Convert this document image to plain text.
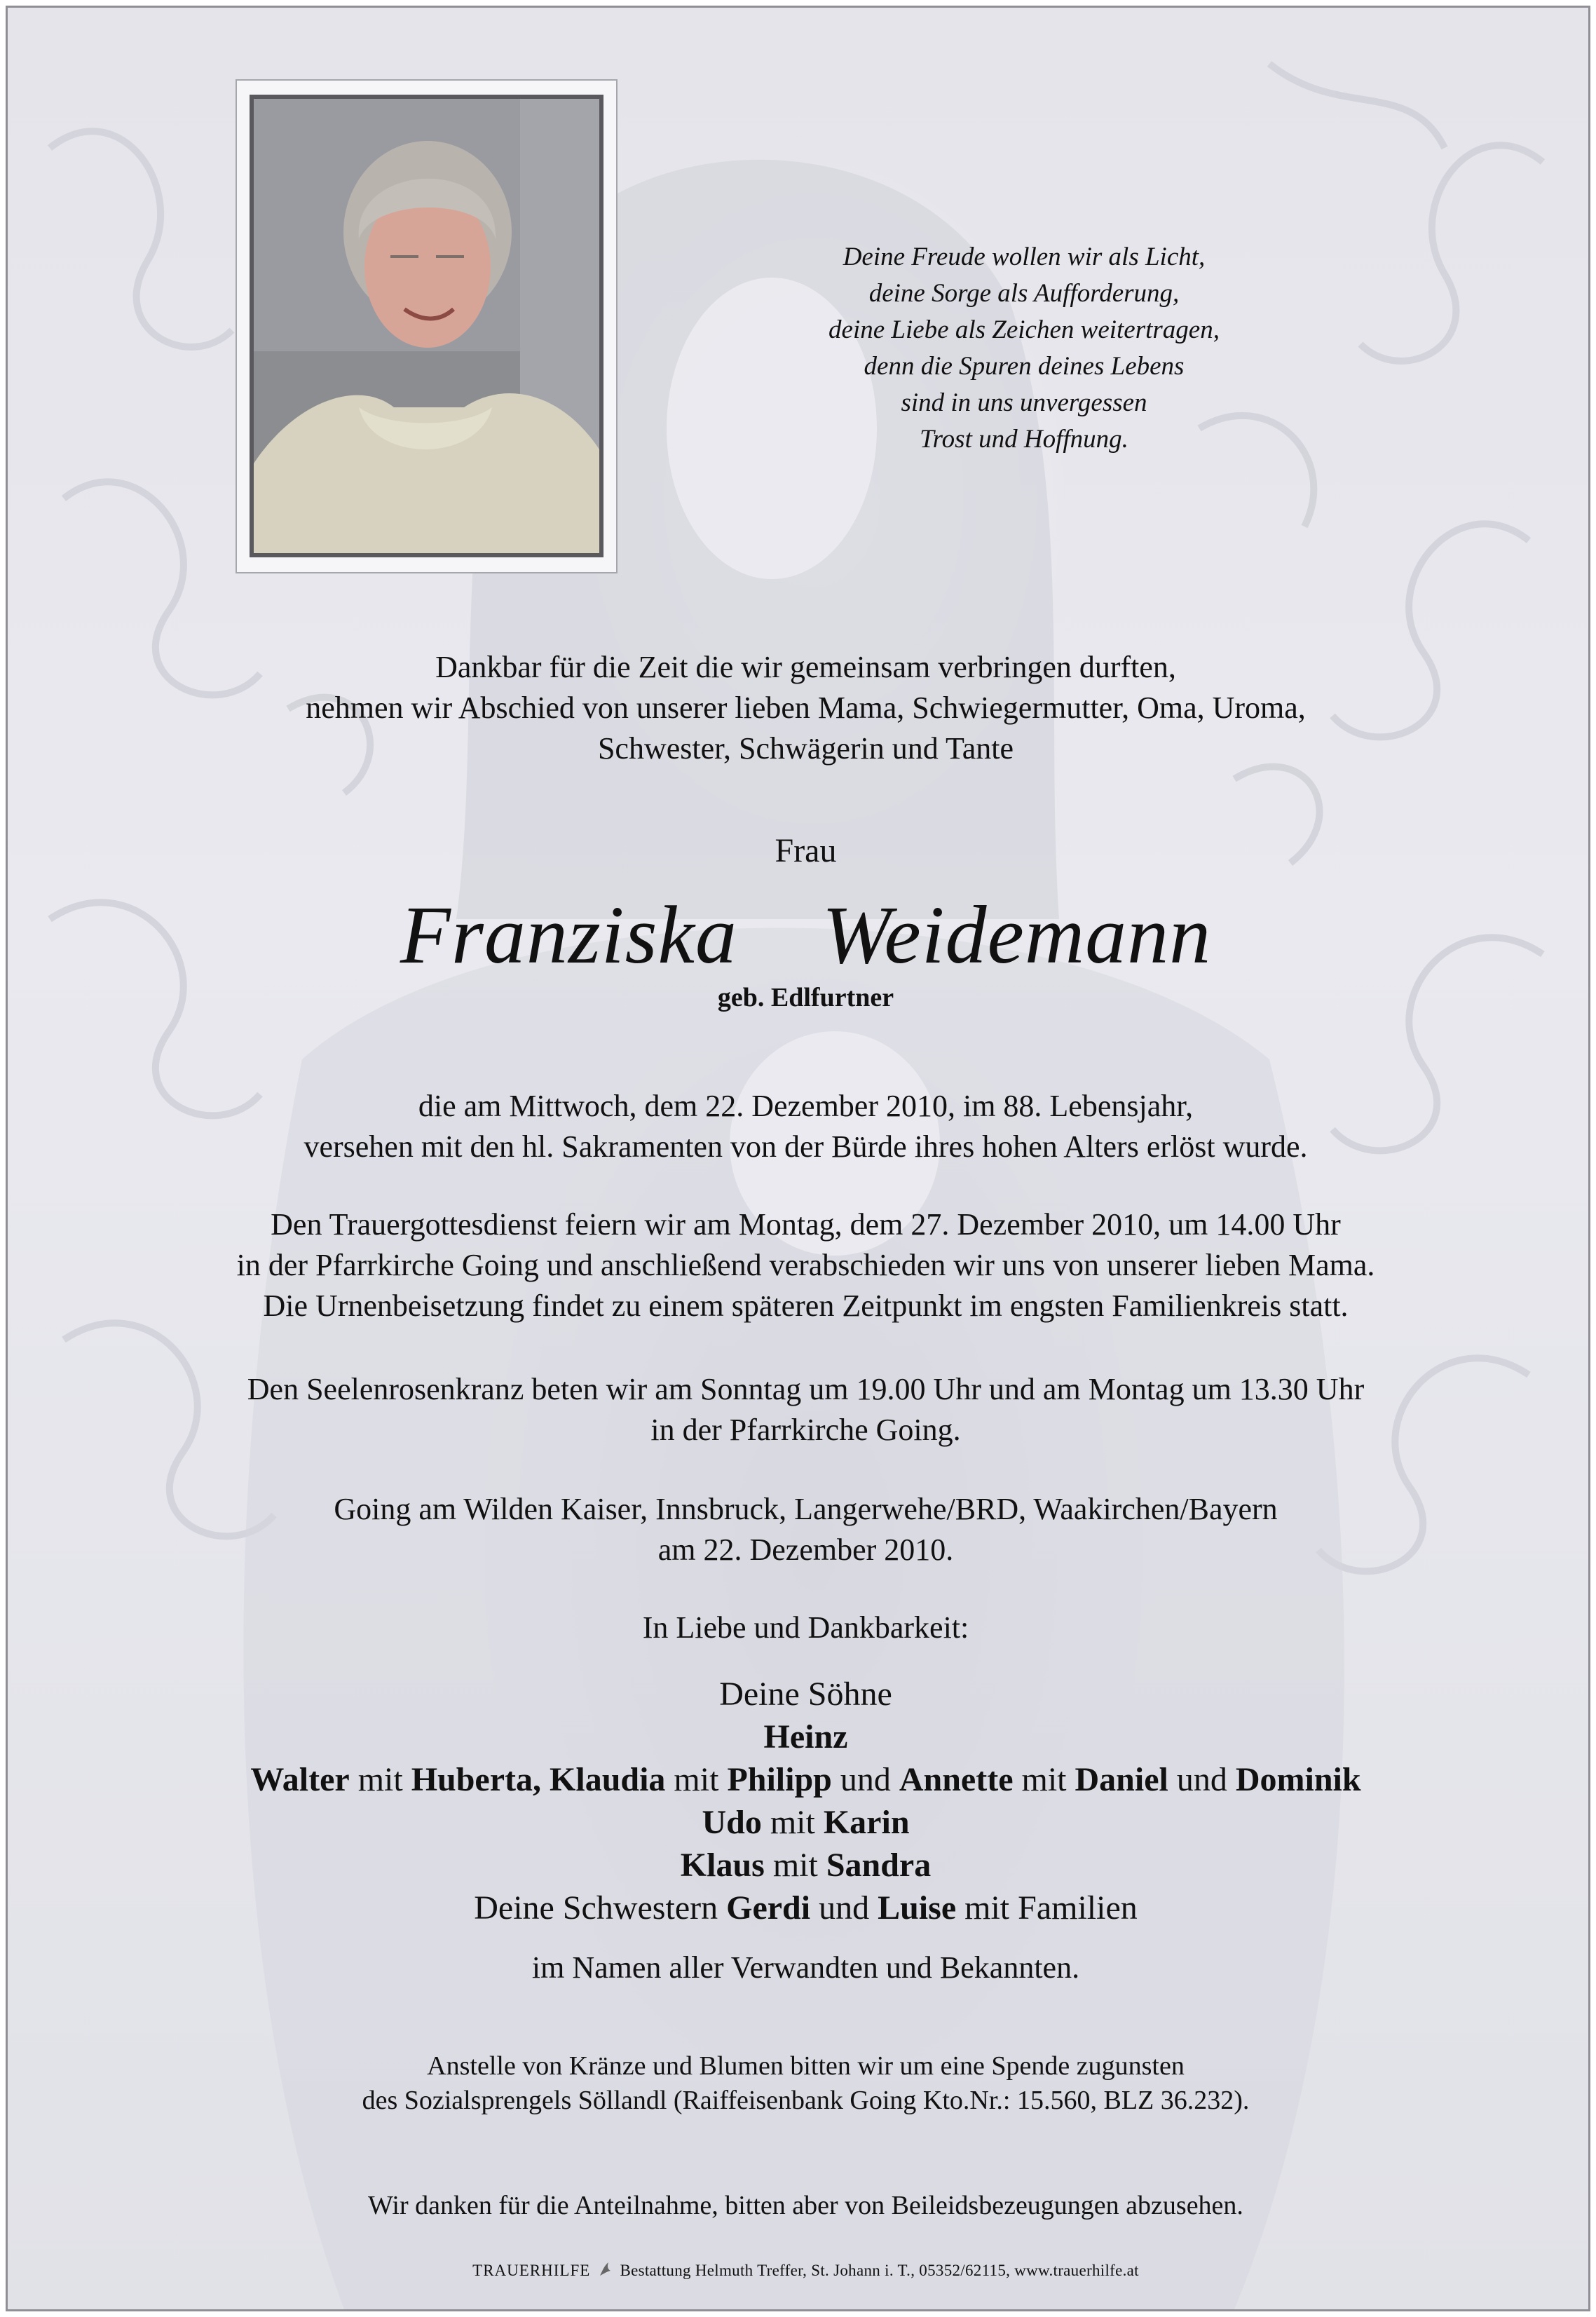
Deine Freude wollen wir als Licht,
deine Sorge als Aufforderung,
deine Liebe als Zeichen weitertragen,
denn die Spuren deines Lebens
sind in uns unvergessen
Trost und Hoffnung.
Dankbar für die Zeit die wir gemeinsam verbringen durften,
nehmen wir Abschied von unserer lieben Mama, Schwiegermutter, Oma, Uroma,
Schwester, Schwägerin und Tante
Frau
Franziska  Weidemann
geb. Edlfurtner
die am Mittwoch, dem 22. Dezember 2010, im 88. Lebensjahr,
versehen mit den hl. Sakramenten von der Bürde ihres hohen Alters erlöst wurde.
Den Trauergottesdienst feiern wir am Montag, dem 27. Dezember 2010, um 14.00 Uhr
in der Pfarrkirche Going und anschließend verabschieden wir uns von unserer lieben Mama.
Die Urnenbeisetzung findet zu einem späteren Zeitpunkt im engsten Familienkreis statt.
Den Seelenrosenkranz beten wir am Sonntag um 19.00 Uhr und am Montag um 13.30 Uhr
in der Pfarrkirche Going.
Going am Wilden Kaiser, Innsbruck, Langerwehe/BRD, Waakirchen/Bayern
am 22. Dezember 2010.
In Liebe und Dankbarkeit:
Deine Söhne
Heinz
Walter mit Huberta, Klaudia mit Philipp und Annette mit Daniel und Dominik
Udo mit Karin
Klaus mit Sandra
Deine Schwestern Gerdi und Luise mit Familien
im Namen aller Verwandten und Bekannten.
Anstelle von Kränze und Blumen bitten wir um eine Spende zugunsten
des Sozialsprengels Söllandl (Raiffeisenbank Going Kto.Nr.: 15.560, BLZ 36.232).
Wir danken für die Anteilnahme, bitten aber von Beileidsbezeugungen abzusehen.
TRAUERHILFE Bestattung Helmuth Treffer, St. Johann i. T., 05352/62115, www.trauerhilfe.at
